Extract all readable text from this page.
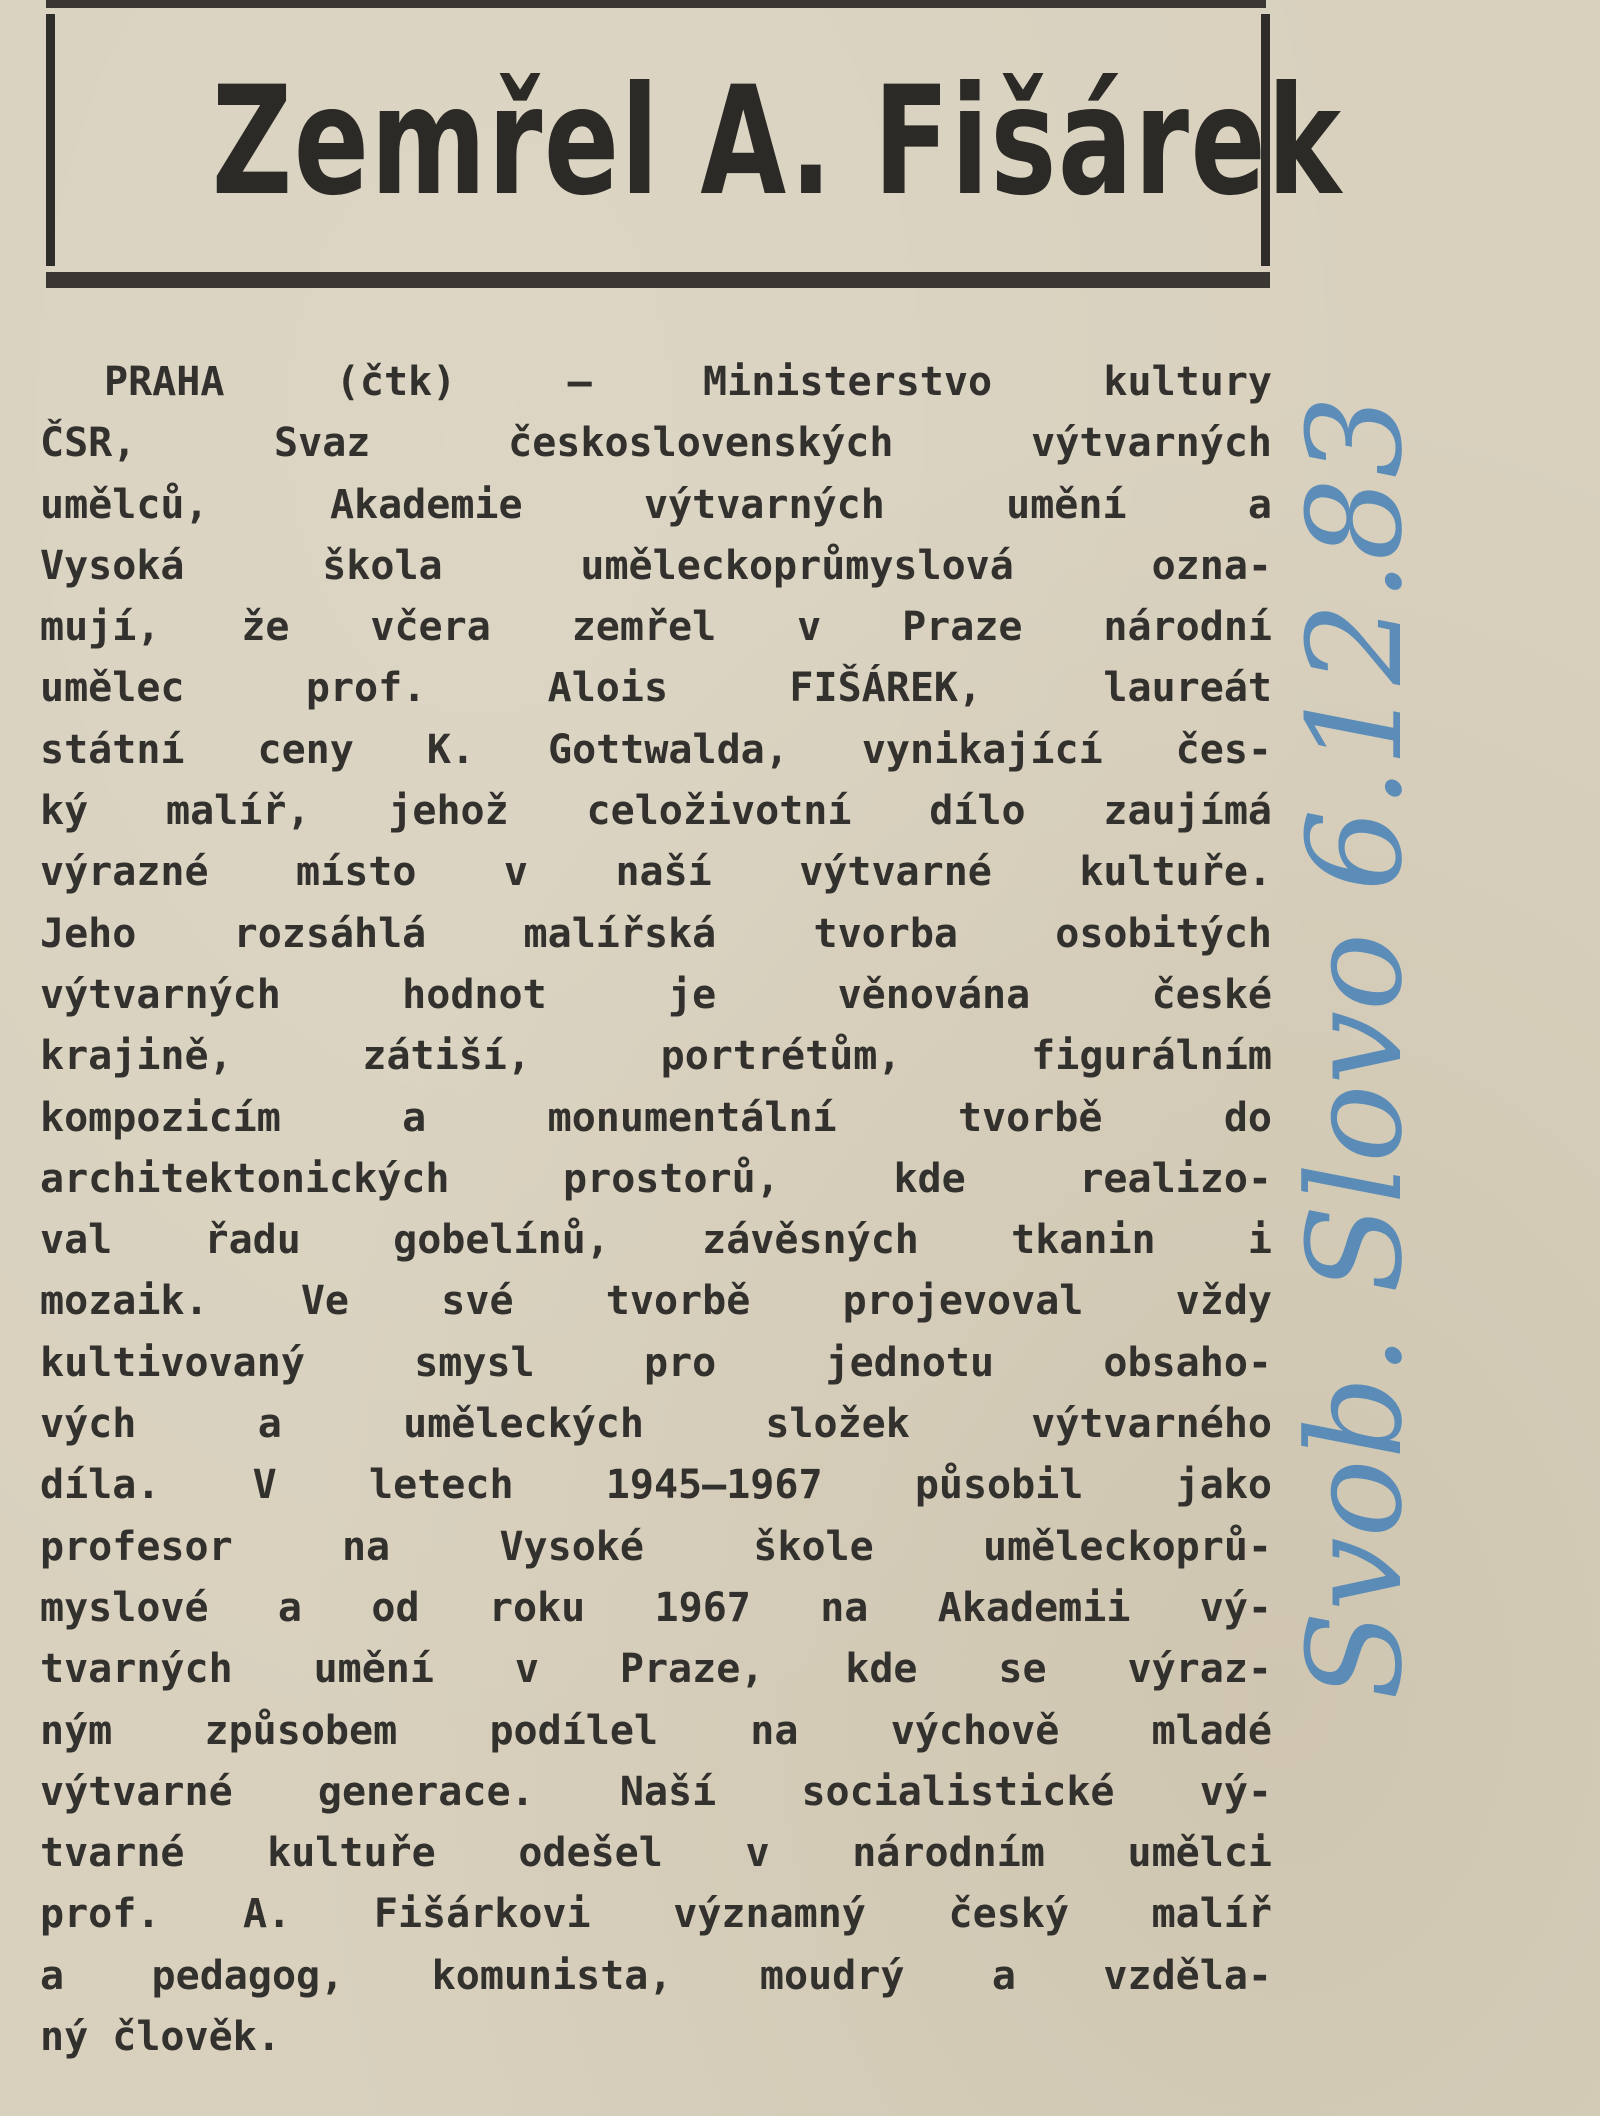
Zemřel A. Fišárek
PRAHA (čtk) — Ministerstvo kultury
ČSR, Svaz československých výtvarných
umělců, Akademie výtvarných umění a
Vysoká škola uměleckoprůmyslová ozna-
mují, že včera zemřel v Praze národní
umělec prof. Alois FIŠÁREK, laureát
státní ceny K. Gottwalda, vynikající čes-
ký malíř, jehož celoživotní dílo zaujímá
výrazné místo v naší výtvarné kultuře.
Jeho rozsáhlá malířská tvorba osobitých
výtvarných hodnot je věnována české
krajině, zátiší, portrétům, figurálním
kompozicím a monumentální tvorbě do
architektonických prostorů, kde realizo-
val řadu gobelínů, závěsných tkanin i
mozaik. Ve své tvorbě projevoval vždy
kultivovaný smysl pro jednotu obsaho-
vých a uměleckých složek výtvarného
díla. V letech 1945—1967 působil jako
profesor na Vysoké škole uměleckoprů-
myslové a od roku 1967 na Akademii vý-
tvarných umění v Praze, kde se výraz-
ným způsobem podílel na výchově mladé
výtvarné generace. Naší socialistické vý-
tvarné kultuře odešel v národním umělci
prof. A. Fišárkovi významný český malíř
a pedagog, komunista, moudrý a vzděla-
ný člověk.
Svob. Slovo 6.12.83
